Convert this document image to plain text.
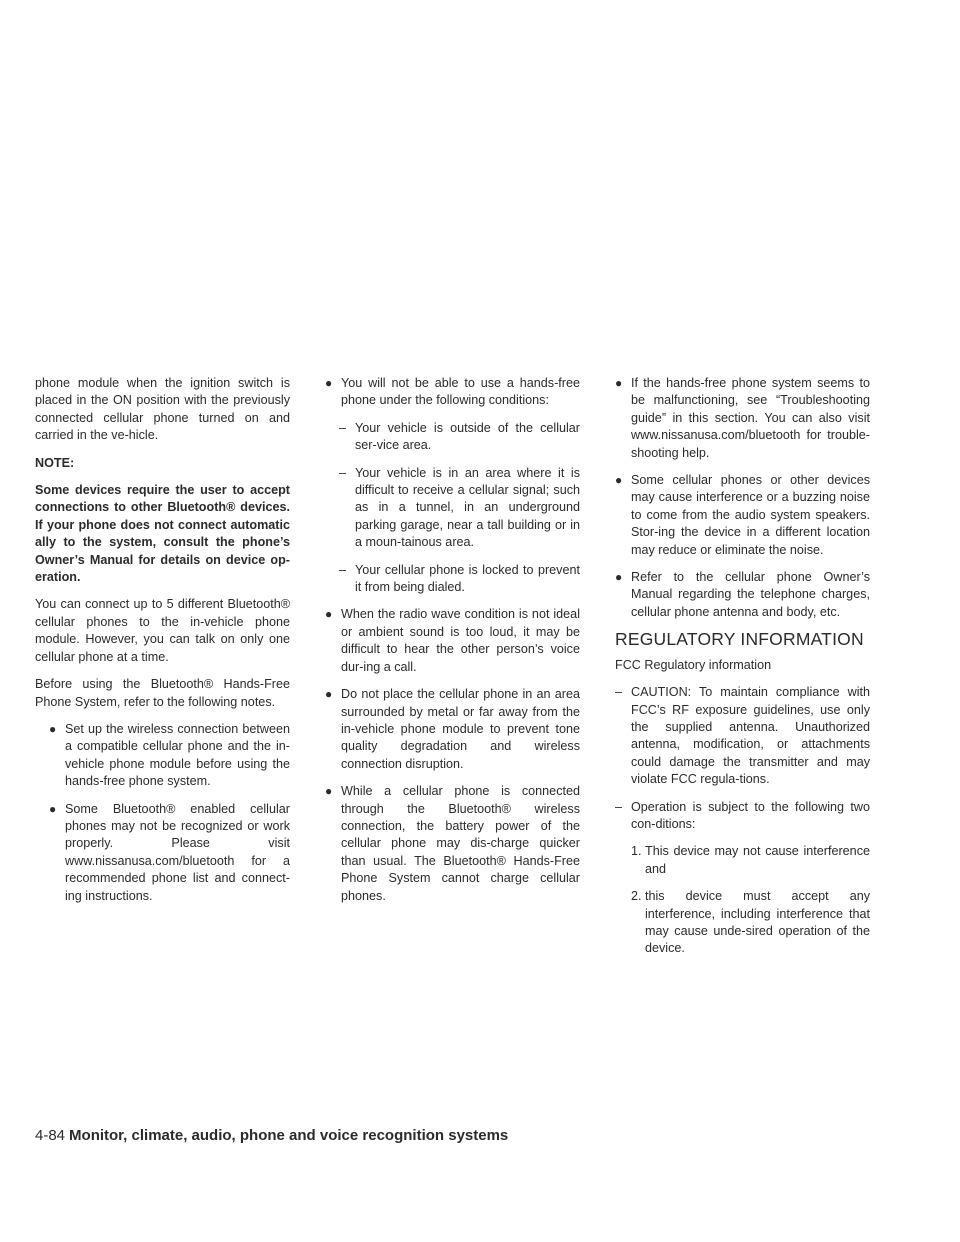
phone module when the ignition switch is placed in the ON position with the previously connected cellular phone turned on and carried in the ve-hicle.

NOTE:

Some devices require the user to accept connections to other Bluetooth® devices. If your phone does not connect automatic ally to the system, consult the phone’s Owner’s Manual for details on device op-eration.

You can connect up to 5 different Bluetooth® cellular phones to the in-vehicle phone module. However, you can talk on only one cellular phone at a time.

Before using the Bluetooth® Hands-Free Phone System, refer to the following notes.

● Set up the wireless connection between a compatible cellular phone and the in-vehicle phone module before using the hands-free phone system.
● Some Bluetooth® enabled cellular phones may not be recognized or work properly. Please visit www.nissanusa.com/bluetooth for a recommended phone list and connect-ing instructions.
● You will not be able to use a hands-free phone under the following conditions:
– Your vehicle is outside of the cellular ser-vice area.
– Your vehicle is in an area where it is difficult to receive a cellular signal; such as in a tunnel, in an underground parking garage, near a tall building or in a moun-tainous area.
– Your cellular phone is locked to prevent it from being dialed.
● When the radio wave condition is not ideal or ambient sound is too loud, it may be difficult to hear the other person’s voice dur-ing a call.
● Do not place the cellular phone in an area surrounded by metal or far away from the in-vehicle phone module to prevent tone quality degradation and wireless connection disruption.
● While a cellular phone is connected through the Bluetooth® wireless connection, the battery power of the cellular phone may dis-charge quicker than usual. The Bluetooth® Hands-Free Phone System cannot charge cellular phones.
● If the hands-free phone system seems to be malfunctioning, see “Troubleshooting guide” in this section. You can also visit www.nissanusa.com/bluetooth for trouble-shooting help.
● Some cellular phones or other devices may cause interference or a buzzing noise to come from the audio system speakers. Stor-ing the device in a different location may reduce or eliminate the noise.
● Refer to the cellular phone Owner’s Manual regarding the telephone charges, cellular phone antenna and body, etc.
REGULATORY INFORMATION

FCC Regulatory information

– CAUTION: To maintain compliance with FCC’s RF exposure guidelines, use only the supplied antenna. Unauthorized antenna, modification, or attachments could damage the transmitter and may violate FCC regula-tions.
– Operation is subject to the following two con-ditions:
1. This device may not cause interference and
2. this device must accept any interference, including interference that may cause unde-sired operation of the device.
4-84 Monitor, climate, audio, phone and voice recognition systems
